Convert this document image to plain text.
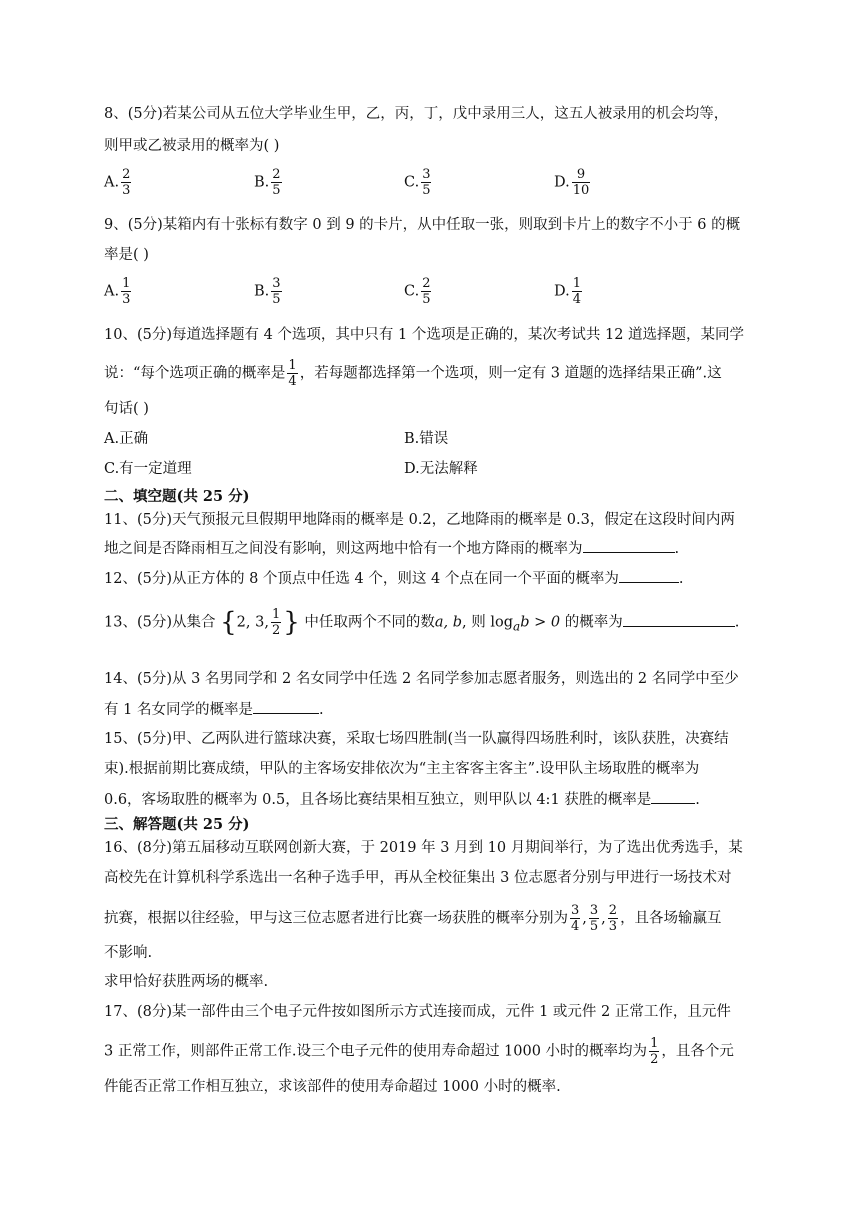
8、(5分)若某公司从五位大学毕业生甲，乙，丙，丁，戊中录用三人，这五人被录用的机会均等，
则甲或乙被录用的概率为( )
A. $\frac{2}{3}$	B. $\frac{2}{5}$	C. $\frac{3}{5}$	D. $\frac{9}{10}$
9、(5分)某箱内有十张标有数字 0 到 9 的卡片，从中任取一张，则取到卡片上的数字不小于 6 的概
率是( )
A. $\frac{1}{3}$	B. $\frac{3}{5}$	C. $\frac{2}{5}$	D. $\frac{1}{4}$
10、(5分)每道选择题有 4 个选项，其中只有 1 个选项是正确的，某次考试共 12 道选择题，某同学
说：“每个选项正确的概率是 $\frac{1}{4}$ ，若每题都选择第一个选项，则一定有 3 道题的选择结果正确”.这
句话( )
A.正确	B.错误
C.有一定道理	D.无法解释
二、填空题(共 25 分)
11、(5分)天气预报元旦假期甲地降雨的概率是 0.2，乙地降雨的概率是 0.3，假定在这段时间内两
地之间是否降雨相互之间没有影响，则这两地中恰有一个地方降雨的概率为	.
12、(5分)从正方体的 8 个顶点中任选 4 个，则这 4 个点在同一个平面的概率为	.
13、(5分)从集合 {2, 3, $\frac{1}{2}$ } 中任取两个不同的数a, b, 则 $\log_ab > 0$ 的概率为	.
14、(5分)从 3 名男同学和 2 名女同学中任选 2 名同学参加志愿者服务，则选出的 2 名同学中至少
有 1 名女同学的概率是	.
15、(5分)甲、乙两队进行篮球决赛，采取七场四胜制(当一队赢得四场胜利时，该队获胜，决赛结
束).根据前期比赛成绩，甲队的主客场安排依次为“主主客客主客主”.设甲队主场取胜的概率为
0.6，客场取胜的概率为 0.5，且各场比赛结果相互独立，则甲队以 4:1 获胜的概率是	.
三、解答题(共 25 分)
16、(8分)第五届移动互联网创新大赛，于 2019 年 3 月到 10 月期间举行，为了选出优秀选手，某
高校先在计算机科学系选出一名种子选手甲，再从全校征集出 3 位志愿者分别与甲进行一场技术对
抗赛，根据以往经验，甲与这三位志愿者进行比赛一场获胜的概率分别为 $\frac{3}{4}$ , $\frac{3}{5}$ , $\frac{2}{3}$ ，且各场输赢互
不影响.
求甲恰好获胜两场的概率.
17、(8分)某一部件由三个电子元件按如图所示方式连接而成，元件 1 或元件 2 正常工作，且元件
3 正常工作，则部件正常工作.设三个电子元件的使用寿命超过 1000 小时的概率均为 $\frac{1}{2}$ ，且各个元
件能否正常工作相互独立，求该部件的使用寿命超过 1000 小时的概率.
